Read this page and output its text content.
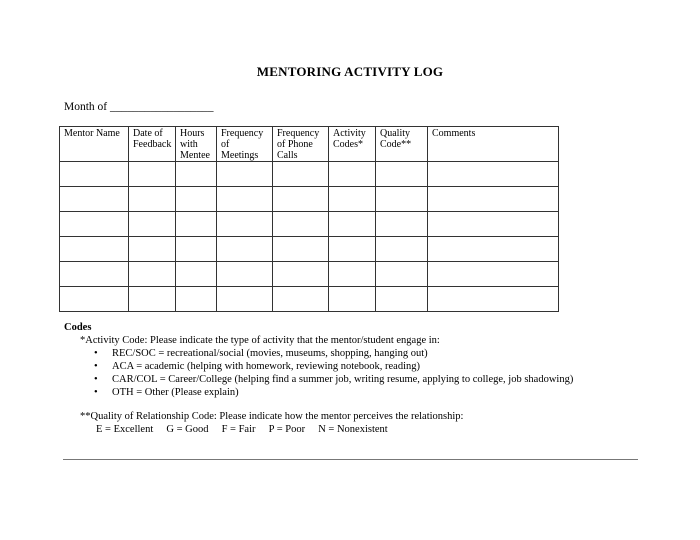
MENTORING ACTIVITY LOG
Month of __________________
Mentor Name	Date of Feedback	Hours with Mentee	Frequency of Meetings	Frequency of Phone Calls	Activity Codes*	Quality Code**	Comments

Codes
*Activity Code: Please indicate the type of activity that the mentor/student engage in:
• REC/SOC = recreational/social (movies, museums, shopping, hanging out)
• ACA = academic (helping with homework, reviewing notebook, reading)
• CAR/COL = Career/College (helping find a summer job, writing resume, applying to college, job shadowing)
• OTH = Other (Please explain)
**Quality of Relationship Code: Please indicate how the mentor perceives the relationship:
E = Excellent     G = Good     F = Fair     P = Poor     N = Nonexistent
